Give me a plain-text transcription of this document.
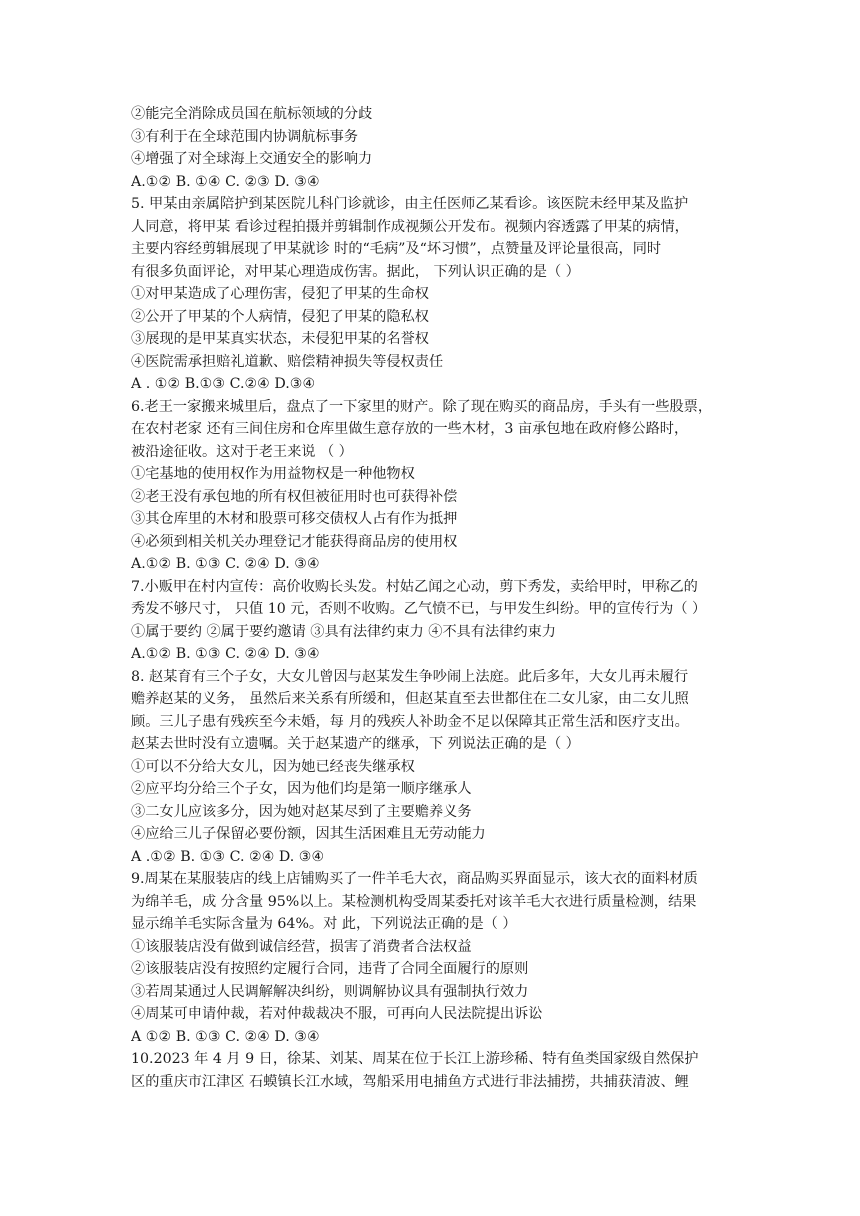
②能完全消除成员国在航标领域的分歧
③有利于在全球范围内协调航标事务
④增强了对全球海上交通安全的影响力
A.①② B. ①④ C. ②③ D. ③④
5. 甲某由亲属陪护到某医院儿科门诊就诊，由主任医师乙某看诊。该医院未经甲某及监护
人同意，将甲某 看诊过程拍摄并剪辑制作成视频公开发布。视频内容透露了甲某的病情，
主要内容经剪辑展现了甲某就诊 时的“毛病”及“坏习惯”，点赞量及评论量很高，同时
有很多负面评论，对甲某心理造成伤害。据此， 下列认识正确的是（ ）
①对甲某造成了心理伤害，侵犯了甲某的生命权
②公开了甲某的个人病情，侵犯了甲某的隐私权
③展现的是甲某真实状态，未侵犯甲某的名誉权
④医院需承担赔礼道歉、赔偿精神损失等侵权责任
A . ①② B.①③ C.②④ D.③④
6.老王一家搬来城里后，盘点了一下家里的财产。除了现在购买的商品房，手头有一些股票，
在农村老家 还有三间住房和仓库里做生意存放的一些木材，3 亩承包地在政府修公路时，
被沿途征收。这对于老王来说 （ ）
①宅基地的使用权作为用益物权是一种他物权
②老王没有承包地的所有权但被征用时也可获得补偿
③其仓库里的木材和股票可移交债权人占有作为抵押
④必须到相关机关办理登记才能获得商品房的使用权
A.①② B. ①③ C. ②④ D. ③④
7.小贩甲在村内宣传：高价收购长头发。村姑乙闻之心动，剪下秀发，卖给甲时，甲称乙的
秀发不够尺寸， 只值 10 元，否则不收购。乙气愤不已，与甲发生纠纷。甲的宣传行为（ ）
①属于要约 ②属于要约邀请 ③具有法律约束力 ④不具有法律约束力
A.①② B. ①③ C. ②④ D. ③④
8. 赵某育有三个子女，大女儿曾因与赵某发生争吵闹上法庭。此后多年，大女儿再未履行
赡养赵某的义务， 虽然后来关系有所缓和，但赵某直至去世都住在二女儿家，由二女儿照
顾。三儿子患有残疾至今未婚，每 月的残疾人补助金不足以保障其正常生活和医疗支出。
赵某去世时没有立遗嘱。关于赵某遗产的继承，下 列说法正确的是（ ）
①可以不分给大女儿，因为她已经丧失继承权
②应平均分给三个子女，因为他们均是第一顺序继承人
③二女儿应该多分，因为她对赵某尽到了主要赡养义务
④应给三儿子保留必要份额，因其生活困难且无劳动能力
A .①② B. ①③ C. ②④ D. ③④
9.周某在某服装店的线上店铺购买了一件羊毛大衣，商品购买界面显示，该大衣的面料材质
为绵羊毛，成 分含量 95%以上。某检测机构受周某委托对该羊毛大衣进行质量检测，结果
显示绵羊毛实际含量为 64%。对 此，下列说法正确的是（ ）
①该服装店没有做到诚信经营，损害了消费者合法权益
②该服装店没有按照约定履行合同，违背了合同全面履行的原则
③若周某通过人民调解解决纠纷，则调解协议具有强制执行效力
④周某可申请仲裁，若对仲裁裁决不服，可再向人民法院提出诉讼
A ①② B. ①③ C. ②④ D. ③④
10.2023 年 4 月 9 日，徐某、刘某、周某在位于长江上游珍稀、特有鱼类国家级自然保护
区的重庆市江津区 石蟆镇长江水域，驾船采用电捕鱼方式进行非法捕捞，共捕获清波、鲤
